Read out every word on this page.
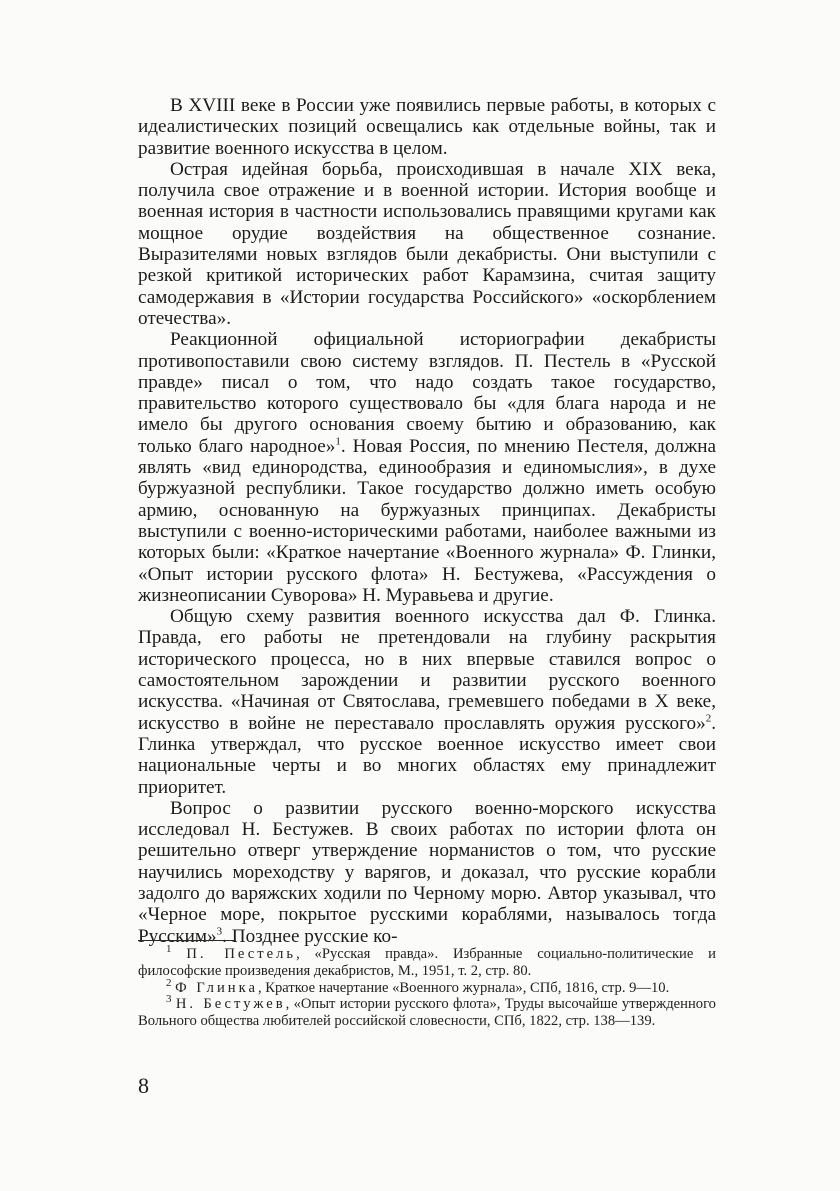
В XVIII веке в России уже появились первые работы, в которых с идеалистических позиций освещались как отдельные войны, так и развитие военного искусства в целом.

Острая идейная борьба, происходившая в начале XIX века, получила свое отражение и в военной истории. История вообще и военная история в частности использовались правящими кругами как мощное орудие воздействия на общественное сознание. Выразителями новых взглядов были декабристы. Они выступили с резкой критикой исторических работ Карамзина, считая защиту самодержавия в «Истории государства Российского» «оскорблением отечества».

Реакционной официальной историографии декабристы противопоставили свою систему взглядов. П. Пестель в «Русской правде» писал о том, что надо создать такое государство, правительство которого существовало бы «для блага народа и не имело бы другого основания своему бытию и образованию, как только благо народное»$^1$. Новая Россия, по мнению Пестеля, должна являть «вид единородства, единообразия и единомыслия», в духе буржуазной республики. Такое государство должно иметь особую армию, основанную на буржуазных принципах. Декабристы выступили с военно-историческими работами, наиболее важными из которых были: «Краткое начертание «Военного журнала» Ф. Глинки, «Опыт истории русского флота» Н. Бестужева, «Рассуждения о жизнеописании Суворова» Н. Муравьева и другие.

Общую схему развития военного искусства дал Ф. Глинка. Правда, его работы не претендовали на глубину раскрытия исторического процесса, но в них впервые ставился вопрос о самостоятельном зарождении и развитии русского военного искусства. «Начиная от Святослава, гремевшего победами в X веке, искусство в войне не переставало прославлять оружия русского»$^2$. Глинка утверждал, что русское военное искусство имеет свои национальные черты и во многих областях ему принадлежит приоритет.

Вопрос о развитии русского военно-морского искусства исследовал Н. Бестужев. В своих работах по истории флота он решительно отверг утверждение норманистов о том, что русские научились мореходству у варягов, и доказал, что русские корабли задолго до варяжских ходили по Черному морю. Автор указывал, что «Черное море, покрытое русскими кораблями, называлось тогда Русским»$^3$. Позднее русские ко-

$^1$ П. Пестель, «Русская правда». Избранные социально-политические и философские произведения декабристов, М., 1951, т. 2, стр. 80.

$^2$ Ф Глинка, Краткое начертание «Военного журнала», СПб, 1816, стр. 9—10.

$^3$ Н. Бестужев, «Опыт истории русского флота», Труды высочайше утвержденного Вольного общества любителей российской словесности, СПб, 1822, стр. 138—139.

8
